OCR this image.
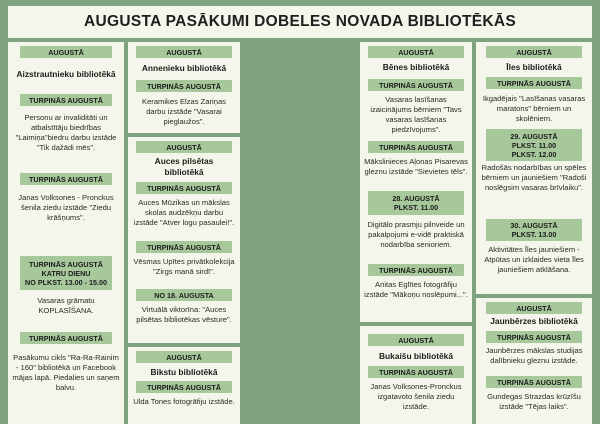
AUGUSTA PASĀKUMI DOBELES NOVADA BIBLIOTĒKĀS
AUGUSTĀ
Aizstrautnieku bibliotēkā
TURPINĀS AUGUSTĀ
Personu ar invaliditāti un atbalstītāju biedrības "Laimiņa"biedru darbu izstāde "Tik dažādi mēs".
TURPINĀS AUGUSTĀ
Janas Volksones - Pronckus šenila ziedu izstāde "Ziedu krāšņums".
TURPINĀS AUGUSTĀ
KATRU DIENU
NO PLKST. 13.00 - 15.00
Vasaras grāmatu KOPLASĪŠANA.
TURPINĀS AUGUSTĀ
Pasākumu cikls "Ra-Ra-Rainim - 160" bibliotēkā un Facebook mājas lapā. Piedalies un saņem balvu.
AUGUSTĀ
Annenieku bibliotēkā
TURPINĀS AUGUSTĀ
Keramikes Elzas Zariņas darbu izstāde "Vasarai pieglaužos".
AUGUSTĀ
Auces pilsētas bibliotēkā
TURPINĀS AUGUSTĀ
Auces Mūzikas un mākslas skolas audzēkņu darbu izstāde "Atver logu pasaulei!".
TURPINĀS AUGUSTĀ
Vēsmas Upītes privātkolekcija "Zirgs manā sirdī".
NO 18. AUGUSTA
Virtuālā viktorīna: "Auces pilsētas bibliotēkas vēsture".
AUGUSTĀ
Bikstu bibliotēkā
TURPINĀS AUGUSTĀ
Ulda Tones fotogrāfiju izstāde.
AUGUSTĀ
Bēnes bibliotēkā
TURPINĀS AUGUSTĀ
Vasaras lasīšanas izaicinājums bērniem "Tavs vasaras lasīšanas piedzīvojums".
TURPINĀS AUGUSTĀ
Mākslinieces Aļonas Pisarevas gleznu izstāde "Sievietes tēls".
28. AUGUSTĀ
PLKST. 11.00
Digitālo prasmju pilnveide un pakalpojumi e-vidē praktiskā nodarbība senioriem.
TURPINĀS AUGUSTĀ
Anitas Eglītes fotogrāfiju izstāde "Mākoņu noslēpumi...".
AUGUSTĀ
Bukaišu bibliotēkā
TURPINĀS AUGUSTĀ
Janas Volksones-Pronckus izgatavoto šenila ziedu izstāde.
AUGUSTĀ
Īles bibliotēkā
TURPINĀS AUGUSTĀ
Ikgadējais "Lasīšanas vasaras maratons" bērniem un skolēniem.
29. AUGUSTĀ
PLKST. 11.00
PLKST. 12.00
Radošās nodarbības un spēles bērniem un jauniešiem "Radoši noslēgsim vasaras brīvlaiku".
30. AUGUSTĀ
PLKST. 13.00
Aktivitātes Īles jauniešiem - Atpūtas un izklaides vieta Īles jauniešiem atklāšana.
AUGUSTĀ
Jaunbērzes bibliotēkā
TURPINĀS AUGUSTĀ
Jaunbērzes mākslas studijas dalībnieku gleznu izstāde.
TURPINĀS AUGUSTĀ
Gundegas Strazdas krūzīšu izstāde "Tējas laiks".
